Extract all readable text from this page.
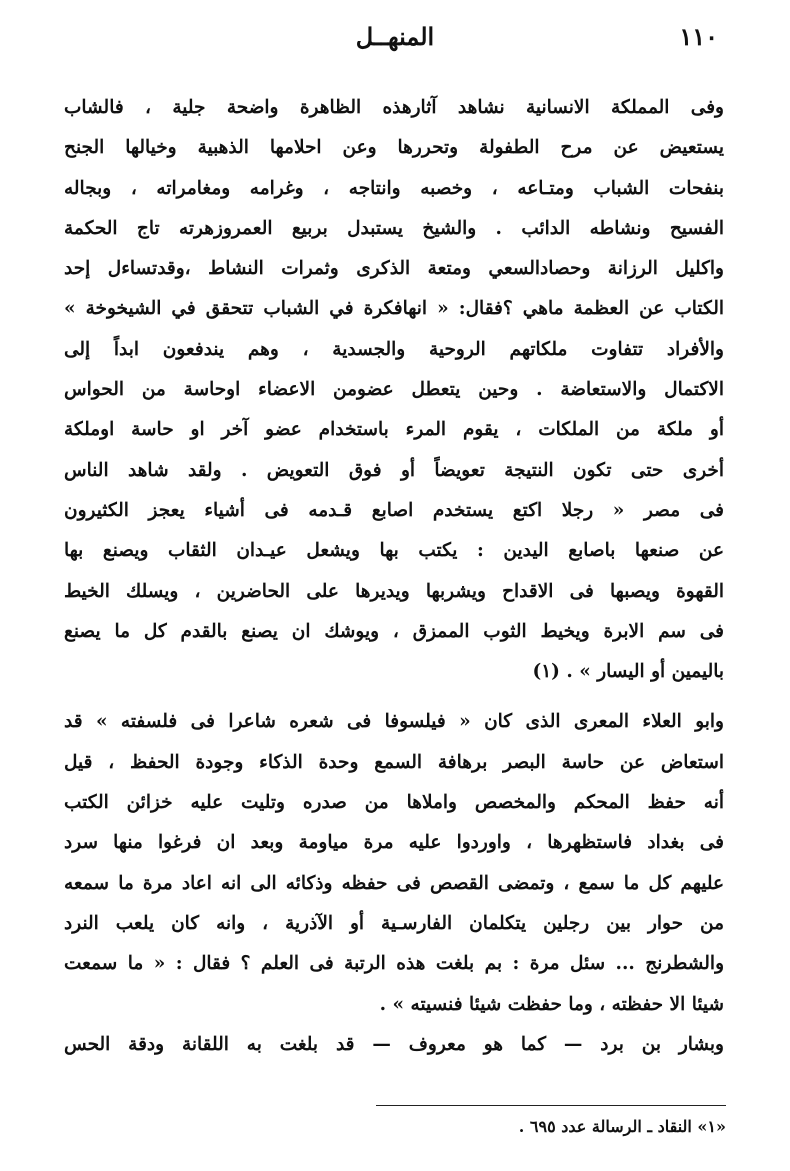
١١٠
المنهــل
وفى المملكة الانسانية نشاهد آثارهذه الظاهرة واضحة جلية ، فالشاب
يستعيض عن مرح الطفولة وتحررها وعن احلامها الذهبية وخيالها الجنح
بنفحات الشباب ومتـاعه ، وخصبه وانتاجه ، وغرامه ومغامراته ، وبجاله
الفسيح ونشاطه الدائب . والشيخ يستبدل بربيع العمروزهرته تاج الحكمة
واكليل الرزانة وحصادالسعي ومتعة الذكرى وثمرات النشاط ،وقدتساءل إحد
الكتاب عن العظمة ماهي ؟فقال: « انهافكرة في الشباب تتحقق في الشيخوخة »
والأفراد تتفاوت ملكاتهم الروحية والجسدية ، وهم يندفعون ابداً إلى
الاكتمال والاستعاضة . وحين يتعطل عضومن الاعضاء اوحاسة من الحواس
أو ملكة من الملكات ، يقوم المرء باستخدام عضو آخر او حاسة اوملكة
أخرى حتى تكون النتيجة تعويضاً أو فوق التعويض . ولقد شاهد الناس
فى مصر « رجلا اكتع يستخدم اصابع قـدمه فى أشياء يعجز الكثيرون
عن صنعها باصابع اليدين : يكتب بها ويشعل عيـدان الثقاب ويصنع بها
القهوة ويصبها فى الاقداح ويشربها ويديرها على الحاضرين ، ويسلك الخيط
فى سم الابرة ويخيط الثوب الممزق ، ويوشك ان يصنع بالقدم كل ما يصنع
باليمين أو اليسار » . (١)
وابو العلاء المعرى الذى كان « فيلسوفا فى شعره شاعرا فى فلسفته » قد
استعاض عن حاسة البصر برهافة السمع وحدة الذكاء وجودة الحفظ ، قيل
أنه حفظ المحكم والمخصص واملاها من صدره وتليت عليه خزائن الكتب
فى بغداد فاستظهرها ، واوردوا عليه مرة مياومة وبعد ان فرغوا منها سرد
عليهم كل ما سمع ، وتمضى القصص فى حفظه وذكائه الى انه اعاد مرة ما سمعه
من حوار بين رجلين يتكلمان الفارسـية أو الآذرية ، وانه كان يلعب النرد
والشطرنج ... سئل مرة : بم بلغت هذه الرتبة فى العلم ؟ فقال : « ما سمعت
شيئا الا حفظته ، وما حفظت شيئا فنسيته » .
وبشار بن برد — كما هو معروف — قد بلغت به اللقانة ودقة الحس
«١» النقاد ـ الرسالة عدد ٦٩٥ .
